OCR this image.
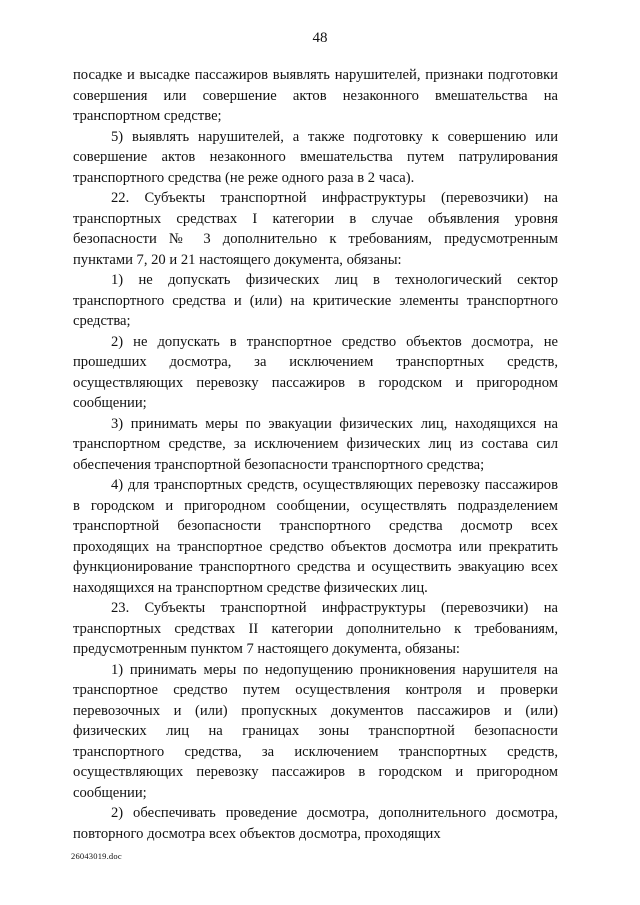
48

посадке и высадке пассажиров выявлять нарушителей, признаки подготовки совершения или совершение актов незаконного вмешательства на транспортном средстве;

5) выявлять нарушителей, а также подготовку к совершению или совершение актов незаконного вмешательства путем патрулирования транспортного средства (не реже одного раза в 2 часа).

22. Субъекты транспортной инфраструктуры (перевозчики) на транспортных средствах I категории в случае объявления уровня безопасности № 3 дополнительно к требованиям, предусмотренным пунктами 7, 20 и 21 настоящего документа, обязаны:

1) не допускать физических лиц в технологический сектор транспортного средства и (или) на критические элементы транспортного средства;

2) не допускать в транспортное средство объектов досмотра, не прошедших досмотра, за исключением транспортных средств, осуществляющих перевозку пассажиров в городском и пригородном сообщении;

3) принимать меры по эвакуации физических лиц, находящихся на транспортном средстве, за исключением физических лиц из состава сил обеспечения транспортной безопасности транспортного средства;

4) для транспортных средств, осуществляющих перевозку пассажиров в городском и пригородном сообщении, осуществлять подразделением транспортной безопасности транспортного средства досмотр всех проходящих на транспортное средство объектов досмотра или прекратить функционирование транспортного средства и осуществить эвакуацию всех находящихся на транспортном средстве физических лиц.

23. Субъекты транспортной инфраструктуры (перевозчики) на транспортных средствах II категории дополнительно к требованиям, предусмотренным пунктом 7 настоящего документа, обязаны:

1) принимать меры по недопущению проникновения нарушителя на транспортное средство путем осуществления контроля и проверки перевозочных и (или) пропускных документов пассажиров и (или) физических лиц на границах зоны транспортной безопасности транспортного средства, за исключением транспортных средств, осуществляющих перевозку пассажиров в городском и пригородном сообщении;

2) обеспечивать проведение досмотра, дополнительного досмотра, повторного досмотра всех объектов досмотра, проходящих

26043019.doc
